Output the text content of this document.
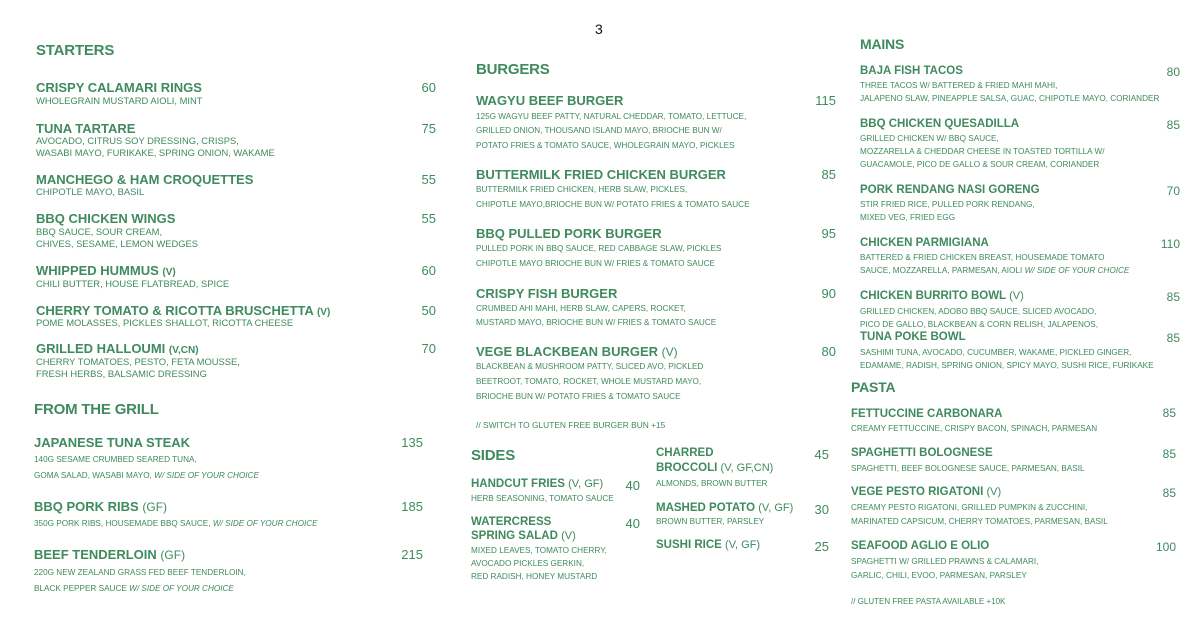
3
STARTERS
CRISPY CALAMARI RINGS
WHOLEGRAIN MUSTARD AIOLI, MINT
60
TUNA TARTARE
AVOCADO, CITRUS SOY DRESSING, CRISPS,
WASABI MAYO, FURIKAKE, SPRING ONION, WAKAME
75
MANCHEGO & HAM CROQUETTES
CHIPOTLE MAYO, BASIL
55
BBQ CHICKEN WINGS
BBQ SAUCE, SOUR CREAM,
CHIVES, SESAME, LEMON WEDGES
55
WHIPPED HUMMUS (V)
CHILI BUTTER, HOUSE FLATBREAD, SPICE
60
CHERRY TOMATO & RICOTTA BRUSCHETTA (V)
POME MOLASSES, PICKLES SHALLOT, RICOTTA CHEESE
50
GRILLED HALLOUMI (V,CN)
CHERRY TOMATOES, PESTO, FETA MOUSSE,
FRESH HERBS, BALSAMIC DRESSING
70
FROM THE GRILL
JAPANESE TUNA STEAK
140G SESAME CRUMBED SEARED TUNA,
GOMA SALAD, WASABI MAYO, W/ SIDE OF YOUR CHOICE
135
BBQ PORK RIBS (GF)
350G PORK RIBS, HOUSEMADE BBQ SAUCE, W/ SIDE OF YOUR CHOICE
185
BEEF TENDERLOIN (GF)
220G NEW ZEALAND GRASS FED BEEF TENDERLOIN,
BLACK PEPPER SAUCE W/ SIDE OF YOUR CHOICE
215
BURGERS
WAGYU BEEF BURGER
125G WAGYU BEEF PATTY, NATURAL CHEDDAR, TOMATO, LETTUCE,
GRILLED ONION, THOUSAND ISLAND MAYO, BRIOCHE BUN W/
POTATO FRIES & TOMATO SAUCE, WHOLEGRAIN MAYO, PICKLES
115
BUTTERMILK FRIED CHICKEN BURGER
BUTTERMILK FRIED CHICKEN, HERB SLAW, PICKLES,
CHIPOTLE MAYO,BRIOCHE BUN W/ POTATO FRIES & TOMATO SAUCE
85
BBQ PULLED PORK BURGER
PULLED PORK IN BBQ SAUCE, RED CABBAGE SLAW, PICKLES
CHIPOTLE MAYO BRIOCHE BUN W/ FRIES & TOMATO SAUCE
95
CRISPY FISH BURGER
CRUMBED AHI MAHI, HERB SLAW, CAPERS, ROCKET,
MUSTARD MAYO, BRIOCHE BUN W/ FRIES & TOMATO SAUCE
90
VEGE BLACKBEAN BURGER (V)
BLACKBEAN & MUSHROOM PATTY, SLICED AVO, PICKLED
BEETROOT, TOMATO, ROCKET, WHOLE MUSTARD MAYO,
BRIOCHE BUN W/ POTATO FRIES & TOMATO SAUCE
80
// SWITCH TO GLUTEN FREE BURGER BUN +15
SIDES
HANDCUT FRIES (V, GF)
HERB SEASONING, TOMATO SAUCE
40
WATERCRESS
SPRING SALAD (V)
MIXED LEAVES, TOMATO CHERRY,
AVOCADO PICKLES GERKIN,
RED RADISH, HONEY MUSTARD
40
CHARRED
BROCCOLI (V, GF,CN)
ALMONDS, BROWN BUTTER
45
MASHED POTATO (V, GF)
BROWN BUTTER, PARSLEY
30
SUSHI RICE (V, GF)	25
MAINS
BAJA FISH TACOS
THREE TACOS W/ BATTERED & FRIED MAHI MAHI,
JALAPENO SLAW, PINEAPPLE SALSA, GUAC, CHIPOTLE MAYO, CORIANDER
80
BBQ CHICKEN QUESADILLA
GRILLED CHICKEN W/ BBQ SAUCE,
MOZZARELLA & CHEDDAR CHEESE IN TOASTED TORTILLA W/
GUACAMOLE, PICO DE GALLO & SOUR CREAM, CORIANDER
85
PORK RENDANG NASI GORENG
STIR FRIED RICE, PULLED PORK RENDANG,
MIXED VEG, FRIED EGG
70
CHICKEN PARMIGIANA
BATTERED & FRIED CHICKEN BREAST, HOUSEMADE TOMATO
SAUCE, MOZZARELLA, PARMESAN, AIOLI W/ SIDE OF YOUR CHOICE
110
CHICKEN BURRITO BOWL (V)
GRILLED CHICKEN, ADOBO BBQ SAUCE, SLICED AVOCADO,
PICO DE GALLO, BLACKBEAN & CORN RELISH, JALAPENOS,
85
TUNA POKE BOWL
SASHIMI TUNA, AVOCADO, CUCUMBER, WAKAME, PICKLED GINGER,
EDAMAME, RADISH, SPRING ONION, SPICY MAYO, SUSHI RICE, FURIKAKE
85
PASTA
FETTUCCINE CARBONARA
CREAMY FETTUCCINE, CRISPY BACON, SPINACH, PARMESAN
85
SPAGHETTI BOLOGNESE
SPAGHETTI, BEEF BOLOGNESE SAUCE, PARMESAN, BASIL
85
VEGE PESTO RIGATONI (V)
CREAMY PESTO RIGATONI, GRILLED PUMPKIN & ZUCCHINI,
MARINATED CAPSICUM, CHERRY TOMATOES, PARMESAN, BASIL
85
SEAFOOD AGLIO E OLIO
SPAGHETTI W/ GRILLED PRAWNS & CALAMARI,
GARLIC, CHILI, EVOO, PARMESAN, PARSLEY
100
// GLUTEN FREE PASTA AVAILABLE +10K
